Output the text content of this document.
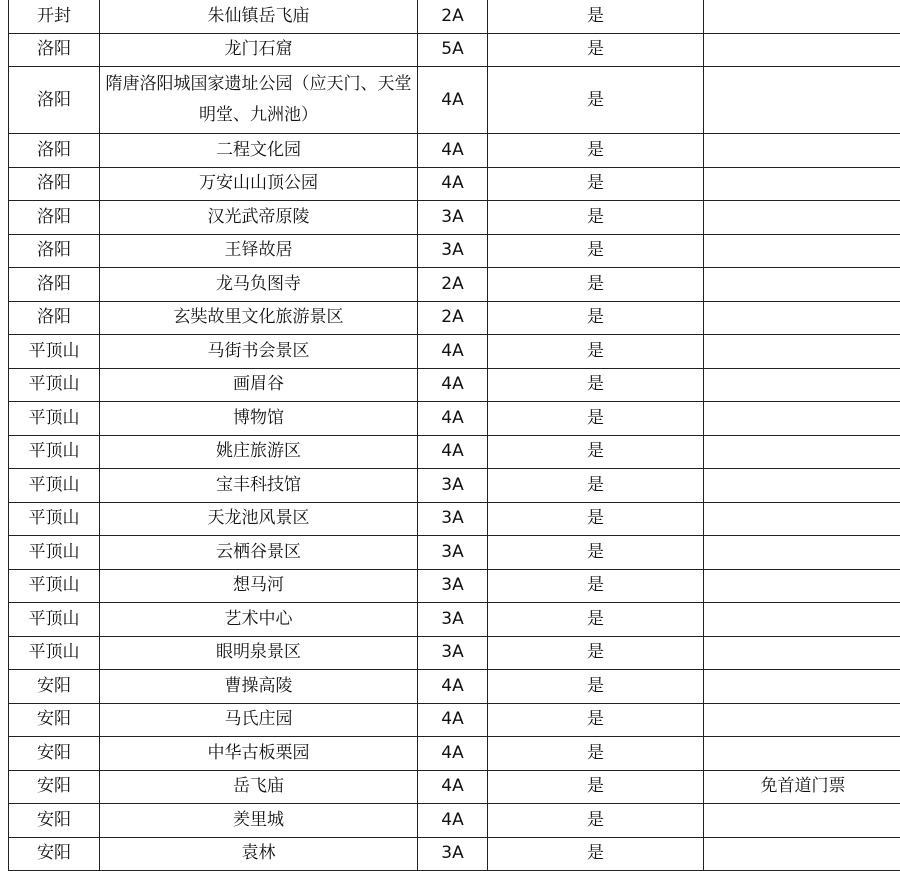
开封	朱仙镇岳飞庙	2A	是	
洛阳	龙门石窟	5A	是	
洛阳	隋唐洛阳城国家遗址公园（应天门、天堂明堂、九洲池）	4A	是	
洛阳	二程文化园	4A	是	
洛阳	万安山山顶公园	4A	是	
洛阳	汉光武帝原陵	3A	是	
洛阳	王铎故居	3A	是	
洛阳	龙马负图寺	2A	是	
洛阳	玄奘故里文化旅游景区	2A	是	
平顶山	马街书会景区	4A	是	
平顶山	画眉谷	4A	是	
平顶山	博物馆	4A	是	
平顶山	姚庄旅游区	4A	是	
平顶山	宝丰科技馆	3A	是	
平顶山	天龙池风景区	3A	是	
平顶山	云栖谷景区	3A	是	
平顶山	想马河	3A	是	
平顶山	艺术中心	3A	是	
平顶山	眼明泉景区	3A	是	
安阳	曹操高陵	4A	是	
安阳	马氏庄园	4A	是	
安阳	中华古板栗园	4A	是	
安阳	岳飞庙	4A	是	免首道门票
安阳	羑里城	4A	是	
安阳	袁林	3A	是	
